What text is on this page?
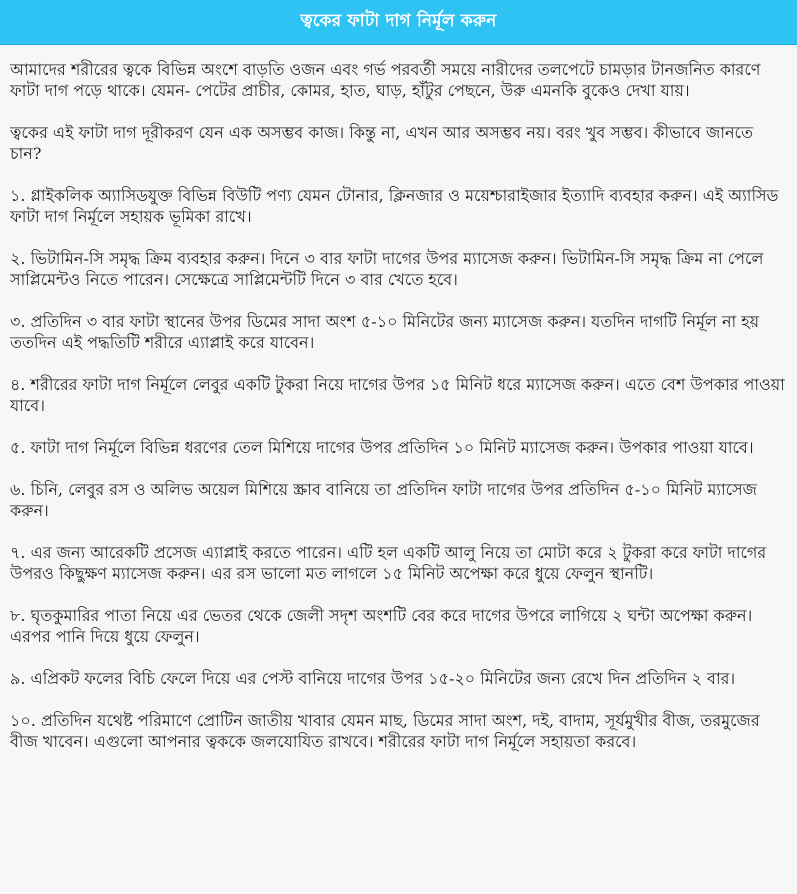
ত্বকের ফাটা দাগ নির্মূল করুন

আমাদের শরীরের ত্বকে বিভিন্ন অংশে বাড়তি ওজন এবং গর্ভ পরবর্তী সময়ে নারীদের তলপেটে চামড়ার টানজনিত কারণে ফাটা দাগ পড়ে থাকে। যেমন- পেটের প্রাচীর, কোমর, হাত, ঘাড়, হাঁটুর পেছনে, উরু এমনকি বুকেও দেখা যায়।

ত্বকের এই ফাটা দাগ দূরীকরণ যেন এক অসম্ভব কাজ। কিন্তু না, এখন আর অসম্ভব নয়। বরং খুব সম্ভব। কীভাবে জানতে চান?

১. গ্লাইকলিক অ্যাসিডযুক্ত বিভিন্ন বিউটি পণ্য যেমন টোনার, ক্লিনজার ও ময়েশ্চারাইজার ইত্যাদি ব্যবহার করুন। এই অ্যাসিড ফাটা দাগ নির্মূলে সহায়ক ভূমিকা রাখে।

২. ভিটামিন-সি সমৃদ্ধ ক্রিম ব্যবহার করুন। দিনে ৩ বার ফাটা দাগের উপর ম্যাসেজ করুন। ভিটামিন-সি সমৃদ্ধ ক্রিম না পেলে সাপ্লিমেন্টও নিতে পারেন। সেক্ষেত্রে সাপ্লিমেন্টটি দিনে ৩ বার খেতে হবে।

৩. প্রতিদিন ৩ বার ফাটা স্থানের উপর ডিমের সাদা অংশ ৫-১০ মিনিটের জন্য ম্যাসেজ করুন। যতদিন দাগটি নির্মূল না হয় ততদিন এই পদ্ধতিটি শরীরে এ্যাপ্লাই করে যাবেন।

৪. শরীরের ফাটা দাগ নির্মূলে লেবুর একটি টুকরা নিয়ে দাগের উপর ১৫ মিনিট ধরে ম্যাসেজ করুন। এতে বেশ উপকার পাওয়া যাবে।

৫. ফাটা দাগ নির্মূলে বিভিন্ন ধরণের তেল মিশিয়ে দাগের উপর প্রতিদিন ১০ মিনিট ম্যাসেজ করুন। উপকার পাওয়া যাবে।

৬. চিনি, লেবুর রস ও অলিভ অয়েল মিশিয়ে স্ক্রাব বানিয়ে তা প্রতিদিন ফাটা দাগের উপর প্রতিদিন ৫-১০ মিনিট ম্যাসেজ করুন।

৭. এর জন্য আরেকটি প্রসেজ এ্যাপ্লাই করতে পারেন। এটি হল একটি আলু নিয়ে তা মোটা করে ২ টুকরা করে ফাটা দাগের উপরও কিছুক্ষণ ম্যাসেজ করুন। এর রস ভালো মত লাগলে ১৫ মিনিট অপেক্ষা করে ধুয়ে ফেলুন স্থানটি।

৮. ঘৃতকুমারির পাতা নিয়ে এর ভেতর থেকে জেলী সদৃশ অংশটি বের করে দাগের উপরে লাগিয়ে ২ ঘন্টা অপেক্ষা করুন। এরপর পানি দিয়ে ধুয়ে ফেলুন।

৯. এপ্রিকট ফলের বিচি ফেলে দিয়ে এর পেস্ট বানিয়ে দাগের উপর ১৫-২০ মিনিটের জন্য রেখে দিন প্রতিদিন ২ বার।

১০. প্রতিদিন যথেষ্ট পরিমাণে প্রোটিন জাতীয় খাবার যেমন মাছ, ডিমের সাদা অংশ, দই, বাদাম, সূর্যমুখীর বীজ, তরমুজের বীজ খাবেন। এগুলো আপনার ত্বককে জলযোযিত রাখবে। শরীরের ফাটা দাগ নির্মূলে সহায়তা করবে।
